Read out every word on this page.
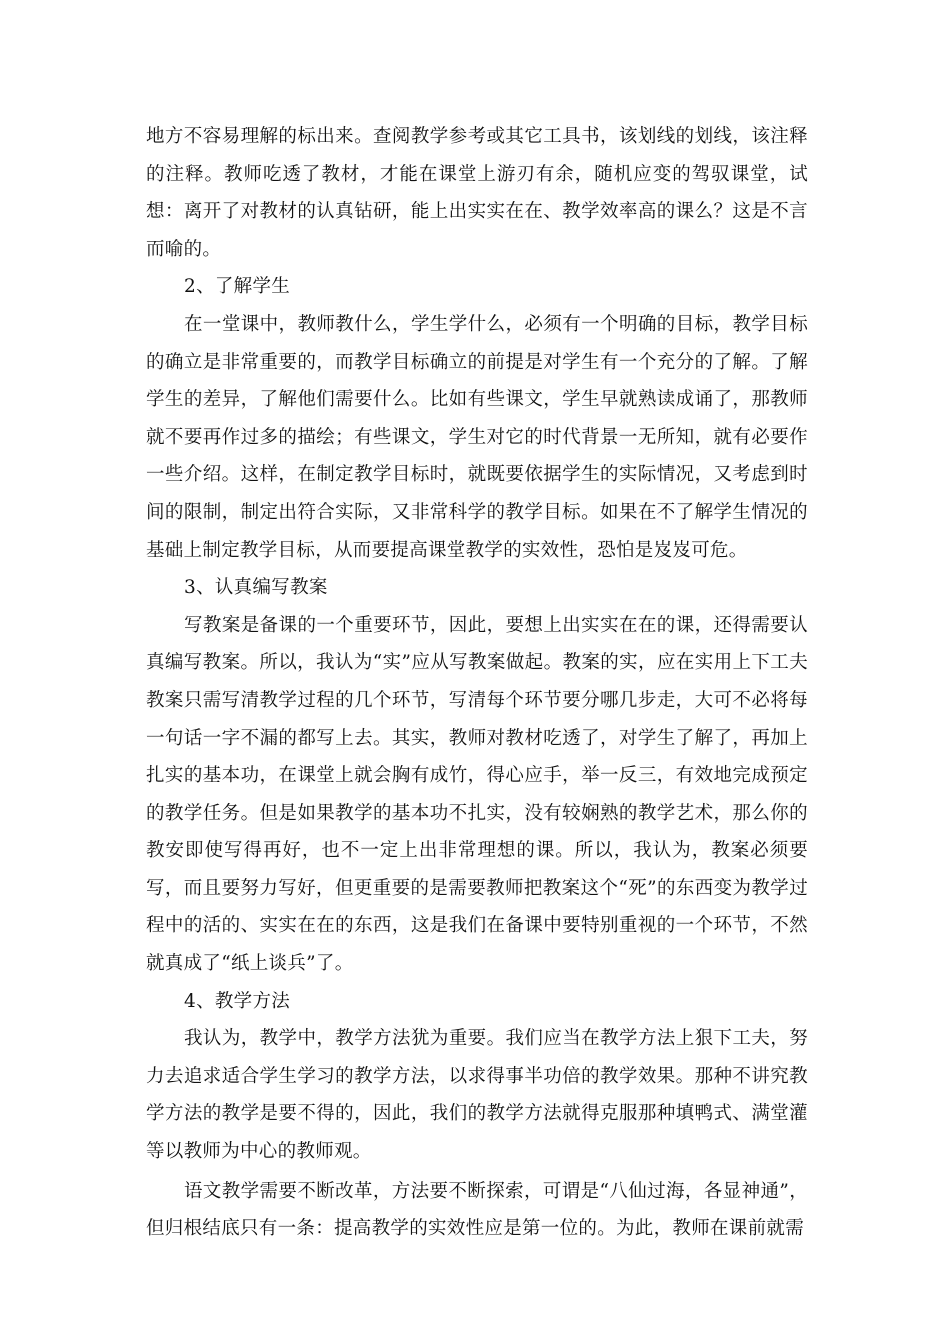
地方不容易理解的标出来。查阅教学参考或其它工具书，该划线的划线，该注释的注释。教师吃透了教材，才能在课堂上游刃有余，随机应变的驾驭课堂，试想：离开了对教材的认真钻研，能上出实实在在、教学效率高的课么？这是不言而喻的。

2、了解学生

在一堂课中，教师教什么，学生学什么，必须有一个明确的目标，教学目标的确立是非常重要的，而教学目标确立的前提是对学生有一个充分的了解。了解学生的差异，了解他们需要什么。比如有些课文，学生早就熟读成诵了，那教师就不要再作过多的描绘；有些课文，学生对它的时代背景一无所知，就有必要作一些介绍。这样，在制定教学目标时，就既要依据学生的实际情况，又考虑到时间的限制，制定出符合实际，又非常科学的教学目标。如果在不了解学生情况的基础上制定教学目标，从而要提高课堂教学的实效性，恐怕是岌岌可危。

3、认真编写教案

写教案是备课的一个重要环节，因此，要想上出实实在在的课，还得需要认真编写教案。所以，我认为“实”应从写教案做起。教案的实，应在实用上下工夫教案只需写清教学过程的几个环节，写清每个环节要分哪几步走，大可不必将每一句话一字不漏的都写上去。其实，教师对教材吃透了，对学生了解了，再加上扎实的基本功，在课堂上就会胸有成竹，得心应手，举一反三，有效地完成预定的教学任务。但是如果教学的基本功不扎实，没有较娴熟的教学艺术，那么你的教安即使写得再好，也不一定上出非常理想的课。所以，我认为，教案必须要写，而且要努力写好，但更重要的是需要教师把教案这个“死”的东西变为教学过程中的活的、实实在在的东西，这是我们在备课中要特别重视的一个环节，不然就真成了“纸上谈兵”了。

4、教学方法

我认为，教学中，教学方法犹为重要。我们应当在教学方法上狠下工夫，努力去追求适合学生学习的教学方法，以求得事半功倍的教学效果。那种不讲究教学方法的教学是要不得的，因此，我们的教学方法就得克服那种填鸭式、满堂灌等以教师为中心的教师观。

语文教学需要不断改革，方法要不断探索，可谓是“八仙过海，各显神通”，但归根结底只有一条：提高教学的实效性应是第一位的。为此，教师在课前就需
